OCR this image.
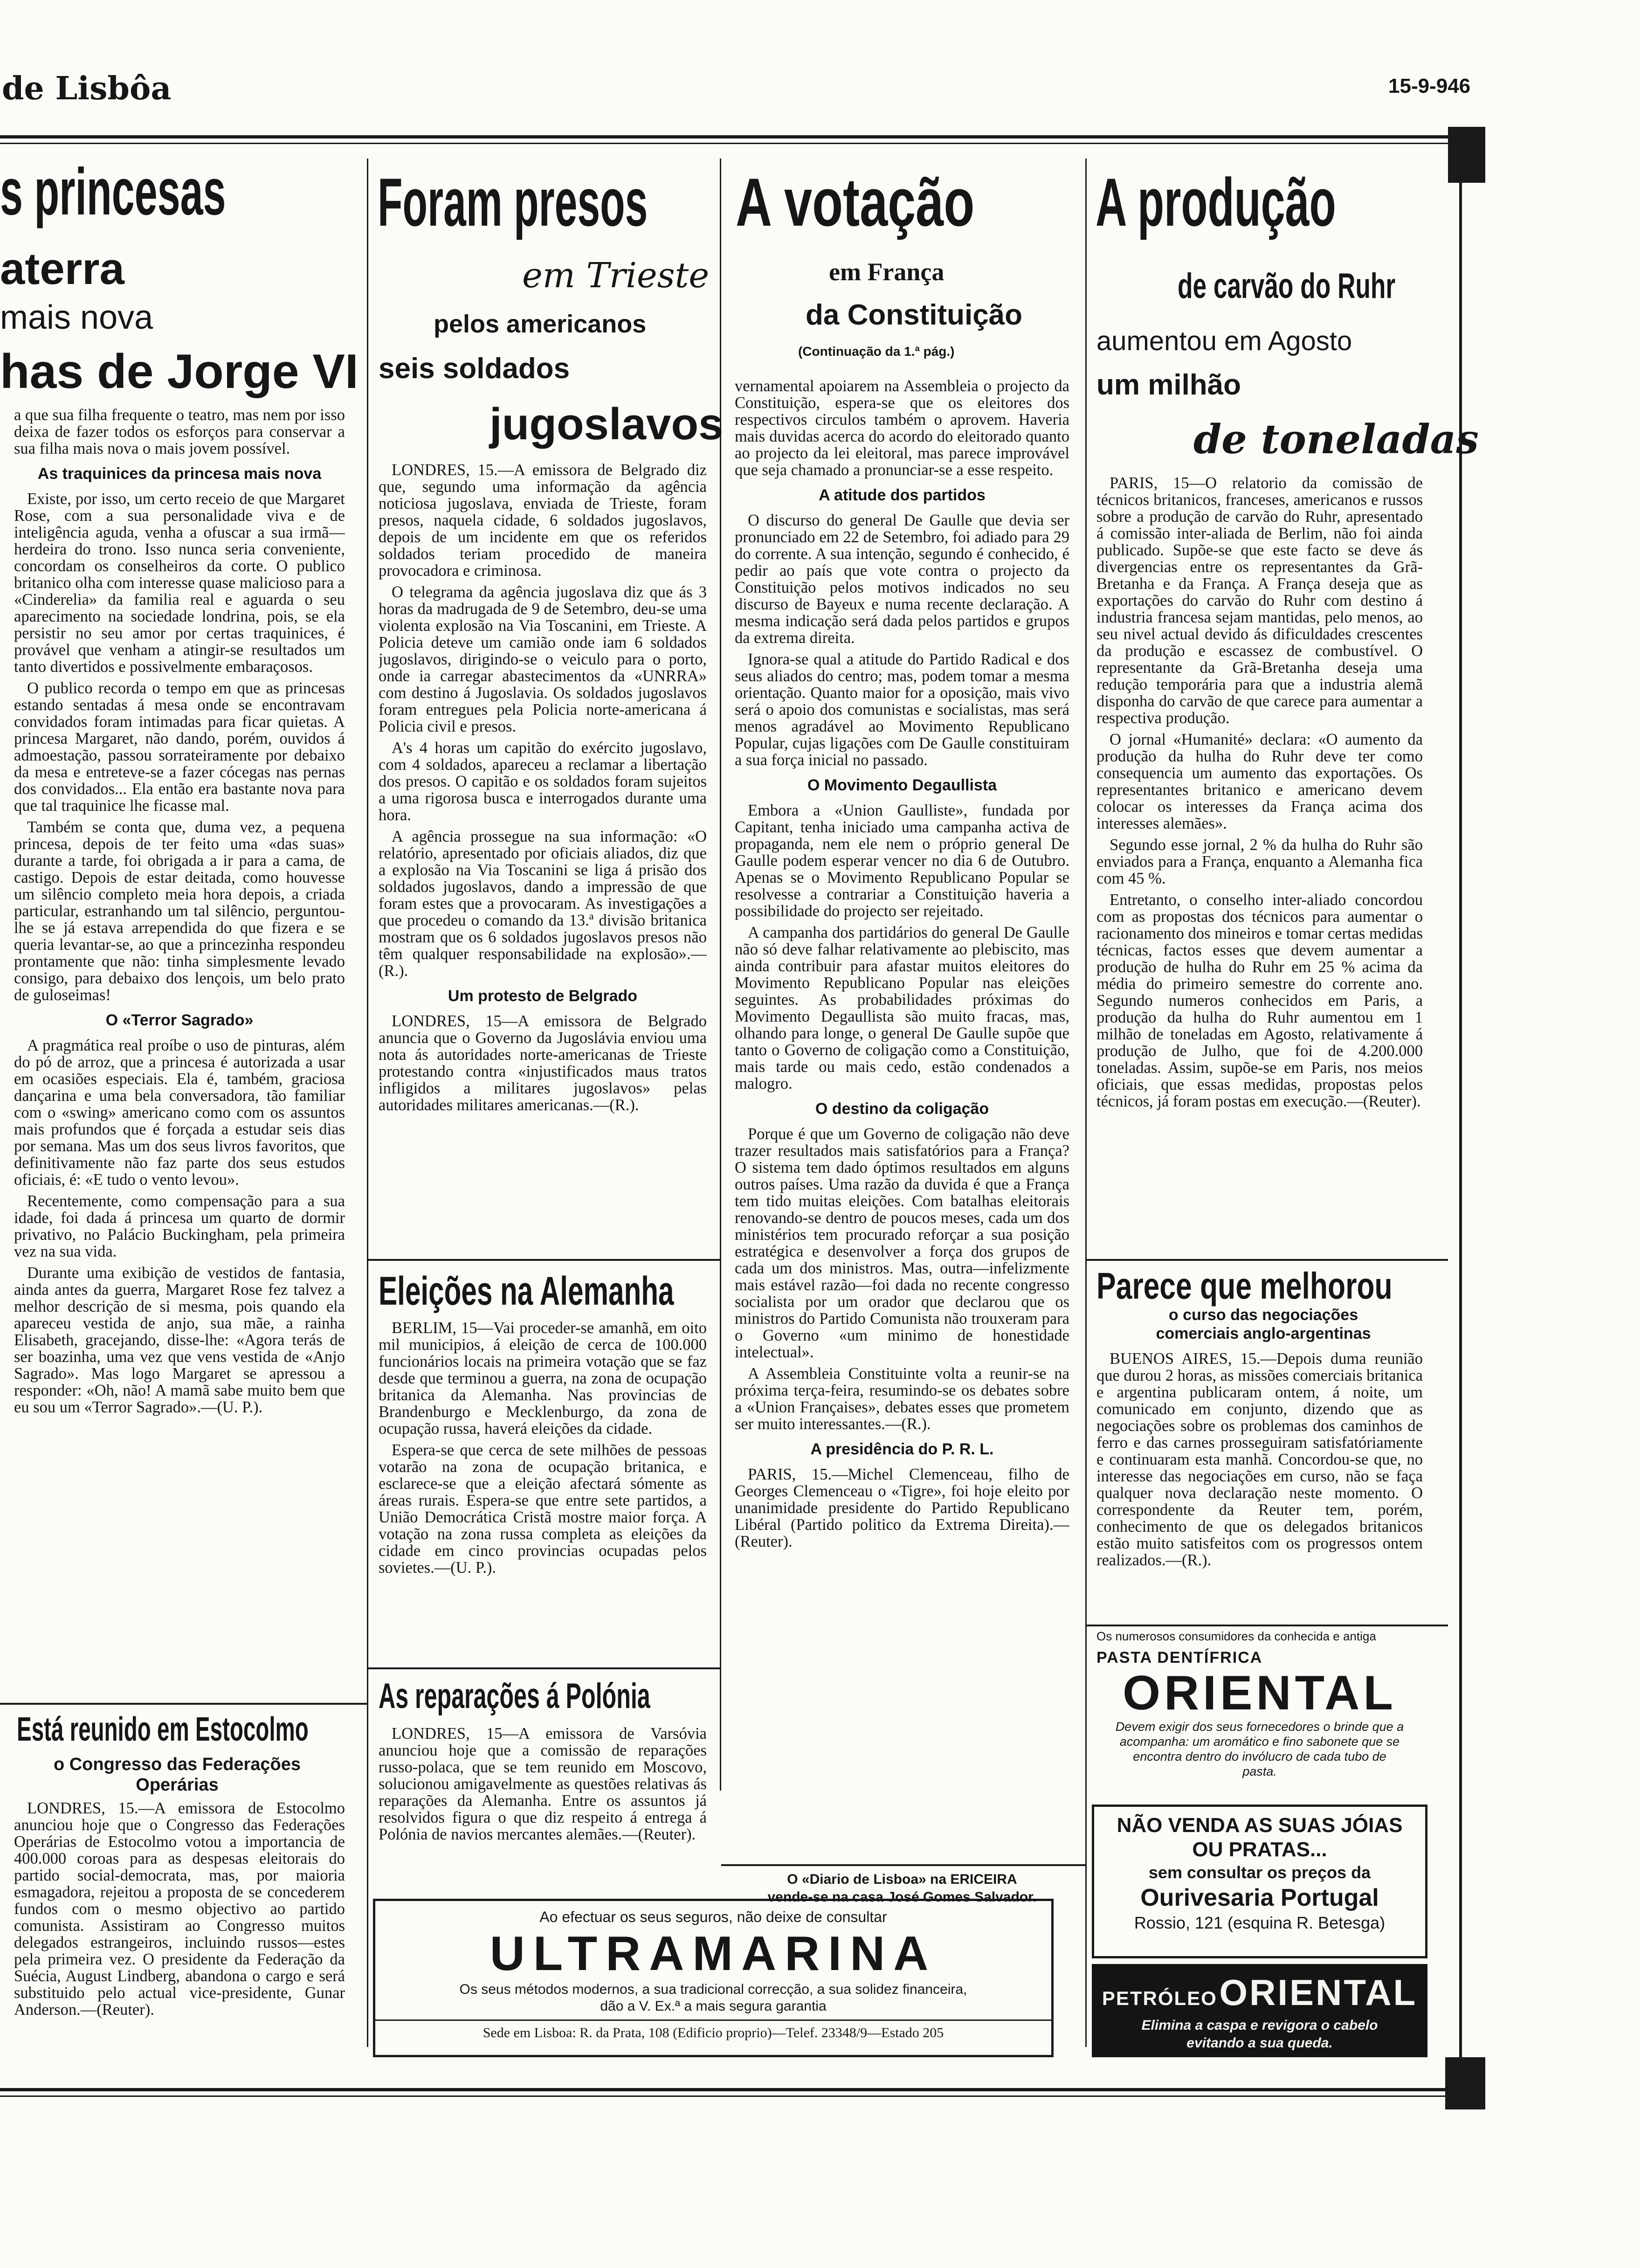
de Lisbôa	15-9-946
s princesas
aterra
mais nova
has de Jorge VI

a que sua filha frequente o teatro, mas nem por isso deixa de fazer todos os esforços para conservar a sua filha mais nova o mais jovem possível.

As traquinices da princesa mais nova

Existe, por isso, um certo receio de que Margaret Rose, com a sua personalidade viva e de inteligência aguda, venha a ofuscar a sua irmã—herdeira do trono. Isso nunca seria conveniente, concordam os conselheiros da corte. O publico britanico olha com interesse quase malicioso para a «Cinderelia» da familia real e aguarda o seu aparecimento na sociedade londrina, pois, se ela persistir no seu amor por certas traquinices, é provável que venham a atingir-se resultados um tanto divertidos e possivelmente embaraçosos.

O publico recorda o tempo em que as princesas estando sentadas á mesa onde se encontravam convidados foram intimadas para ficar quietas. A princesa Margaret, não dando, porém, ouvidos á admoestação, passou sorrateiramente por debaixo da mesa e entreteve-se a fazer cócegas nas pernas dos convidados... Ela então era bastante nova para que tal traquinice lhe ficasse mal.

Também se conta que, duma vez, a pequena princesa, depois de ter feito uma «das suas» durante a tarde, foi obrigada a ir para a cama, de castigo. Depois de estar deitada, como houvesse um silêncio completo meia hora depois, a criada particular, estranhando um tal silêncio, perguntou-lhe se já estava arrependida do que fizera e se queria levantar-se, ao que a princezinha respondeu prontamente que não: tinha simplesmente levado consigo, para debaixo dos lençois, um belo prato de guloseimas!

O «Terror Sagrado»

A pragmática real proíbe o uso de pinturas, além do pó de arroz, que a princesa é autorizada a usar em ocasiões especiais. Ela é, também, graciosa dançarina e uma bela conversadora, tão familiar com o «swing» americano como com os assuntos mais profundos que é forçada a estudar seis dias por semana. Mas um dos seus livros favoritos, que definitivamente não faz parte dos seus estudos oficiais, é: «E tudo o vento levou».

Recentemente, como compensação para a sua idade, foi dada á princesa um quarto de dormir privativo, no Palácio Buckingham, pela primeira vez na sua vida.

Durante uma exibição de vestidos de fantasia, ainda antes da guerra, Margaret Rose fez talvez a melhor descrição de si mesma, pois quando ela apareceu vestida de anjo, sua mãe, a rainha Elisabeth, gracejando, disse-lhe: «Agora terás de ser boazinha, uma vez que vens vestida de «Anjo Sagrado». Mas logo Margaret se apressou a responder: «Oh, não! A mamã sabe muito bem que eu sou um «Terror Sagrado».—(U. P.).

Está reunido em Estocolmo
o Congresso das Federações Operárias

LONDRES, 15.—A emissora de Estocolmo anunciou hoje que o Congresso das Federações Operárias de Estocolmo votou a importancia de 400.000 coroas para as despesas eleitorais do partido social-democrata, mas, por maioria esmagadora, rejeitou a proposta de se concederem fundos com o mesmo objectivo ao partido comunista. Assistiram ao Congresso muitos delegados estrangeiros, incluindo russos—estes pela primeira vez. O presidente da Federação da Suécia, August Lindberg, abandona o cargo e será substituido pelo actual vice-presidente, Gunar Anderson.—(Reuter).

Foram presos
em Trieste
pelos americanos
seis soldados
jugoslavos

LONDRES, 15.—A emissora de Belgrado diz que, segundo uma informação da agência noticiosa jugoslava, enviada de Trieste, foram presos, naquela cidade, 6 soldados jugoslavos, depois de um incidente em que os referidos soldados teriam procedido de maneira provocadora e criminosa.

O telegrama da agência jugoslava diz que ás 3 horas da madrugada de 9 de Setembro, deu-se uma violenta explosão na Via Toscanini, em Trieste. A Policia deteve um camião onde iam 6 soldados jugoslavos, dirigindo-se o veiculo para o porto, onde ia carregar abastecimentos da «UNRRA» com destino á Jugoslavia. Os soldados jugoslavos foram entregues pela Policia norte-americana á Policia civil e presos.

A's 4 horas um capitão do exército jugoslavo, com 4 soldados, apareceu a reclamar a libertação dos presos. O capitão e os soldados foram sujeitos a uma rigorosa busca e interrogados durante uma hora.

A agência prossegue na sua informação: «O relatório, apresentado por oficiais aliados, diz que a explosão na Via Toscanini se liga á prisão dos soldados jugoslavos, dando a impressão de que foram estes que a provocaram. As investigações a que procedeu o comando da 13.ª divisão britanica mostram que os 6 soldados jugoslavos presos não têm qualquer responsabilidade na explosão».—(R.).

Um protesto de Belgrado

LONDRES, 15—A emissora de Belgrado anuncia que o Governo da Jugoslávia enviou uma nota ás autoridades norte-americanas de Trieste protestando contra «injustificados maus tratos infligidos a militares jugoslavos» pelas autoridades militares americanas.—(R.).

Eleições na Alemanha

BERLIM, 15—Vai proceder-se amanhã, em oito mil municipios, á eleição de cerca de 100.000 funcionários locais na primeira votação que se faz desde que terminou a guerra, na zona de ocupação britanica da Alemanha. Nas provincias de Brandenburgo e Mecklenburgo, da zona de ocupação russa, haverá eleições da cidade.

Espera-se que cerca de sete milhões de pessoas votarão na zona de ocupação britanica, e esclarece-se que a eleição afectará sómente as áreas rurais. Espera-se que entre sete partidos, a União Democrática Cristã mostre maior força. A votação na zona russa completa as eleições da cidade em cinco provincias ocupadas pelos sovietes.—(U. P.).

As reparações á Polónia

LONDRES, 15—A emissora de Varsóvia anunciou hoje que a comissão de reparações russo-polaca, que se tem reunido em Moscovo, solucionou amigavelmente as questões relativas ás reparações da Alemanha. Entre os assuntos já resolvidos figura o que diz respeito á entrega á Polónia de navios mercantes alemães.—(Reuter).

A votação
em França
da Constituição
(Continuação da 1.ª pág.)

vernamental apoiarem na Assembleia o projecto da Constituição, espera-se que os eleitores dos respectivos circulos também o aprovem. Haveria mais duvidas acerca do acordo do eleitorado quanto ao projecto da lei eleitoral, mas parece improvável que seja chamado a pronunciar-se a esse respeito.

A atitude dos partidos

O discurso do general De Gaulle que devia ser pronunciado em 22 de Setembro, foi adiado para 29 do corrente. A sua intenção, segundo é conhecido, é pedir ao país que vote contra o projecto da Constituição pelos motivos indicados no seu discurso de Bayeux e numa recente declaração. A mesma indicação será dada pelos partidos e grupos da extrema direita.

Ignora-se qual a atitude do Partido Radical e dos seus aliados do centro; mas, podem tomar a mesma orientação. Quanto maior for a oposição, mais vivo será o apoio dos comunistas e socialistas, mas será menos agradável ao Movimento Republicano Popular, cujas ligações com De Gaulle constituiram a sua força inicial no passado.

O Movimento Degaullista

Embora a «Union Gaulliste», fundada por Capitant, tenha iniciado uma campanha activa de propaganda, nem ele nem o próprio general De Gaulle podem esperar vencer no dia 6 de Outubro. Apenas se o Movimento Republicano Popular se resolvesse a contrariar a Constituição haveria a possibilidade do projecto ser rejeitado.

A campanha dos partidários do general De Gaulle não só deve falhar relativamente ao plebiscito, mas ainda contribuir para afastar muitos eleitores do Movimento Republicano Popular nas eleições seguintes. As probabilidades próximas do Movimento Degaullista são muito fracas, mas, olhando para longe, o general De Gaulle supõe que tanto o Governo de coligação como a Constituição, mais tarde ou mais cedo, estão condenados a malogro.

O destino da coligação

Porque é que um Governo de coligação não deve trazer resultados mais satisfatórios para a França? O sistema tem dado óptimos resultados em alguns outros países. Uma razão da duvida é que a França tem tido muitas eleições. Com batalhas eleitorais renovando-se dentro de poucos meses, cada um dos ministérios tem procurado reforçar a sua posição estratégica e desenvolver a força dos grupos de cada um dos ministros. Mas, outra—infelizmente mais estável razão—foi dada no recente congresso socialista por um orador que declarou que os ministros do Partido Comunista não trouxeram para o Governo «um minimo de honestidade intelectual».

A Assembleia Constituinte volta a reunir-se na próxima terça-feira, resumindo-se os debates sobre a «Union Françaises», debates esses que prometem ser muito interessantes.—(R.).

A presidência do P. R. L.

PARIS, 15.—Michel Clemenceau, filho de Georges Clemenceau o «Tigre», foi hoje eleito por unanimidade presidente do Partido Republicano Libéral (Partido politico da Extrema Direita).—(Reuter).

O «Diario de Lisboa» na ERICEIRA
vende-se na casa José Gomes Salvador.
A produção
de carvão do Ruhr
aumentou em Agosto
um milhão
de toneladas

PARIS, 15—O relatorio da comissão de técnicos britanicos, franceses, americanos e russos sobre a produção de carvão do Ruhr, apresentado á comissão inter-aliada de Berlim, não foi ainda publicado. Supõe-se que este facto se deve ás divergencias entre os representantes da Grã-Bretanha e da França. A França deseja que as exportações do carvão do Ruhr com destino á industria francesa sejam mantidas, pelo menos, ao seu nivel actual devido ás dificuldades crescentes da produção e escassez de combustível. O representante da Grã-Bretanha deseja uma redução temporária para que a industria alemã disponha do carvão de que carece para aumentar a respectiva produção.

O jornal «Humanité» declara: «O aumento da produção da hulha do Ruhr deve ter como consequencia um aumento das exportações. Os representantes britanico e americano devem colocar os interesses da França acima dos interesses alemães».

Segundo esse jornal, 2 % da hulha do Ruhr são enviados para a França, enquanto a Alemanha fica com 45 %.

Entretanto, o conselho inter-aliado concordou com as propostas dos técnicos para aumentar o racionamento dos mineiros e tomar certas medidas técnicas, factos esses que devem aumentar a produção de hulha do Ruhr em 25 % acima da média do primeiro semestre do corrente ano. Segundo numeros conhecidos em Paris, a produção da hulha do Ruhr aumentou em 1 milhão de toneladas em Agosto, relativamente á produção de Julho, que foi de 4.200.000 toneladas. Assim, supõe-se em Paris, nos meios oficiais, que essas medidas, propostas pelos técnicos, já foram postas em execução.—(Reuter).

Parece que melhorou
o curso das negociações comerciais anglo-argentinas

BUENOS AIRES, 15.—Depois duma reunião que durou 2 horas, as missões comerciais britanica e argentina publicaram ontem, á noite, um comunicado em conjunto, dizendo que as negociações sobre os problemas dos caminhos de ferro e das carnes prosseguiram satisfatóriamente e continuaram esta manhã. Concordou-se que, no interesse das negociações em curso, não se faça qualquer nova declaração neste momento. O correspondente da Reuter tem, porém, conhecimento de que os delegados britanicos estão muito satisfeitos com os progressos ontem realizados.—(R.).

Os numerosos consumidores da conhecida e antiga
PASTA DENTÍFRICA
ORIENTAL
Devem exigir dos seus fornecedores o brinde que a acompanha: um aromático e fino sabonete que se encontra dentro do invólucro de cada tubo de pasta.
NÃO VENDA AS SUAS JÓIAS
OU PRATAS...
sem consultar os preços da
Ourivesaria Portugal
Rossio, 121 (esquina R. Betesga)
PETRÓLEO ORIENTAL
Elimina a caspa e revigora o cabelo evitando a sua queda.
Ao efectuar os seus seguros, não deixe de consultar
ULTRAMARINA
Os seus métodos modernos, a sua tradicional correcção, a sua solidez financeira,
dão a V. Ex.ª a mais segura garantia
Sede em Lisboa: R. da Prata, 108 (Edificio proprio)—Telef. 23348/9—Estado 205
